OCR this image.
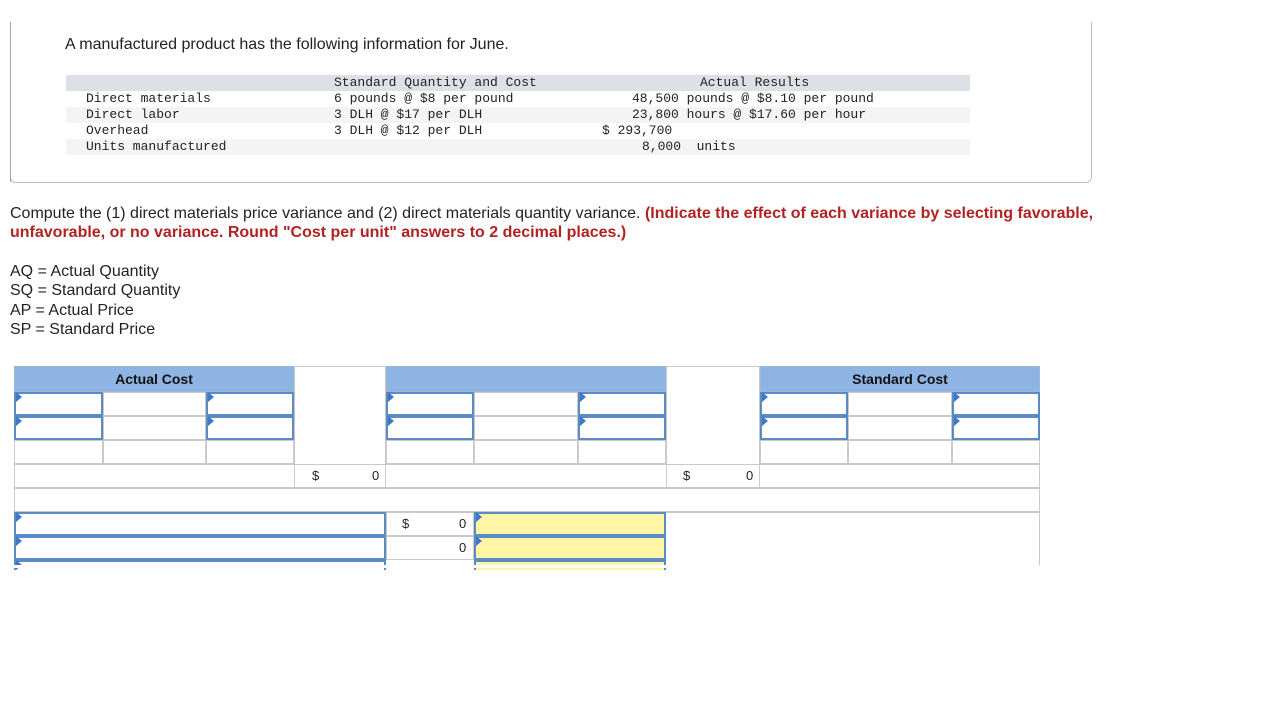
A manufactured product has the following information for June.
		Standard Quantity and Cost	Actual Results
	Direct materials	6 pounds @ $8 per pound	48,500 pounds @ $8.10 per pound
	Direct labor	3 DLH @ $17 per DLH	23,800 hours @ $17.60 per hour
	Overhead	3 DLH @ $12 per DLH	$ 293,700
	Units manufactured		8,000  units
Compute the (1) direct materials price variance and (2) direct materials quantity variance. (Indicate the effect of each variance by selecting favorable, unfavorable, or no variance. Round "Cost per unit" answers to 2 decimal places.)
AQ = Actual Quantity
SQ = Standard Quantity
AP = Actual Price
SP = Standard Price
Actual Cost	Standard Cost
$	0	$	0
$	0
0
